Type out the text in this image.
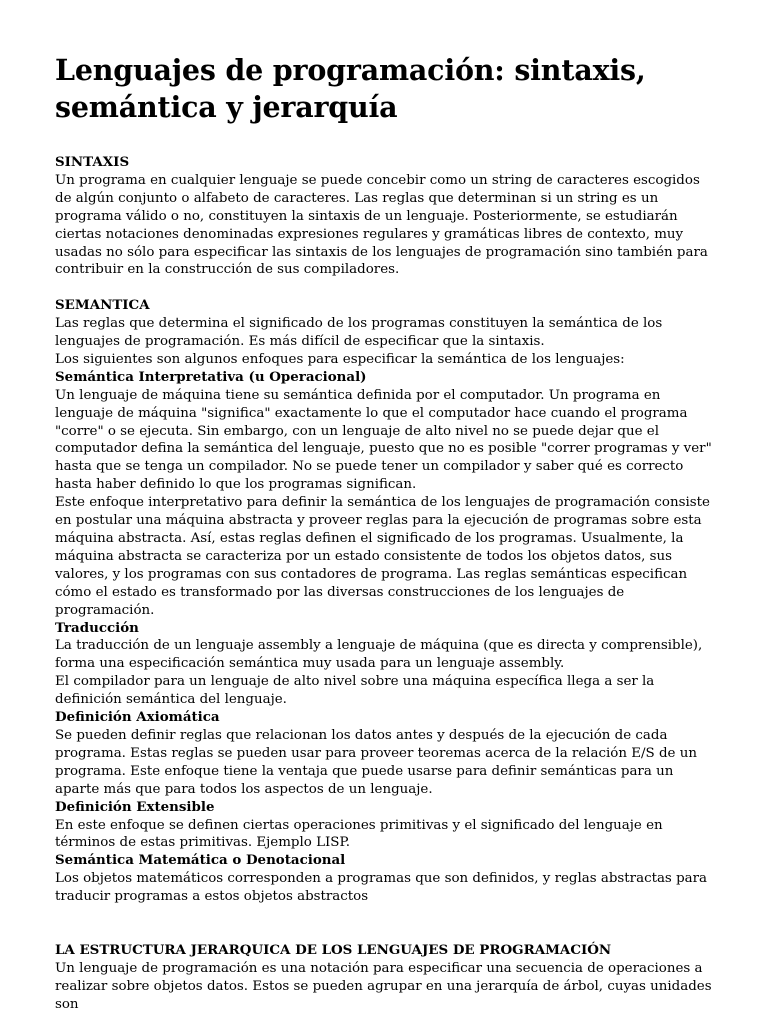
Lenguajes de programación: sintaxis, semántica y jerarquía
SINTAXIS

Un programa en cualquier lenguaje se puede concebir como un string de caracteres escogidos de algún conjunto o alfabeto de caracteres. Las reglas que determinan si un string es un programa válido o no, constituyen la sintaxis de un lenguaje. Posteriormente, se estudiarán ciertas notaciones denominadas expresiones regulares y gramáticas libres de contexto, muy usadas no sólo para especificar las sintaxis de los lenguajes de programación sino también para contribuir en la construcción de sus compiladores.

SEMANTICA

Las reglas que determina el significado de los programas constituyen la semántica de los lenguajes de programación. Es más difícil de especificar que la sintaxis.

Los siguientes son algunos enfoques para especificar la semántica de los lenguajes:

Semántica Interpretativa (u Operacional)

Un lenguaje de máquina tiene su semántica definida por el computador. Un programa en lenguaje de máquina "significa" exactamente lo que el computador hace cuando el programa "corre" o se ejecuta. Sin embargo, con un lenguaje de alto nivel no se puede dejar que el computador defina la semántica del lenguaje, puesto que no es posible "correr programas y ver" hasta que se tenga un compilador. No se puede tener un compilador y saber qué es correcto hasta haber definido lo que los programas significan.

Este enfoque interpretativo para definir la semántica de los lenguajes de programación consiste en postular una máquina abstracta y proveer reglas para la ejecución de programas sobre esta máquina abstracta. Así, estas reglas definen el significado de los programas. Usualmente, la máquina abstracta se caracteriza por un estado consistente de todos los objetos datos, sus valores, y los programas con sus contadores de programa. Las reglas semánticas especifican cómo el estado es transformado por las diversas construcciones de los lenguajes de programación.

Traducción

La traducción de un lenguaje assembly a lenguaje de máquina (que es directa y comprensible), forma una especificación semántica muy usada para un lenguaje assembly.

El compilador para un lenguaje de alto nivel sobre una máquina específica llega a ser la definición semántica del lenguaje.

Definición Axiomática

Se pueden definir reglas que relacionan los datos antes y después de la ejecución de cada programa. Estas reglas se pueden usar para proveer teoremas acerca de la relación E/S de un programa. Este enfoque tiene la ventaja que puede usarse para definir semánticas para un aparte más que para todos los aspectos de un lenguaje.

Definición Extensible

En este enfoque se definen ciertas operaciones primitivas y el significado del lenguaje en términos de estas primitivas. Ejemplo LISP.

Semántica Matemática o Denotacional

Los objetos matemáticos corresponden a programas que son definidos, y reglas abstractas para traducir programas a estos objetos abstractos

LA ESTRUCTURA JERARQUICA DE LOS LENGUAJES DE PROGRAMACIÓN

Un lenguaje de programación es una notación para especificar una secuencia de operaciones a realizar sobre objetos datos. Estos se pueden agrupar en una jerarquía de árbol, cuyas unidades son
